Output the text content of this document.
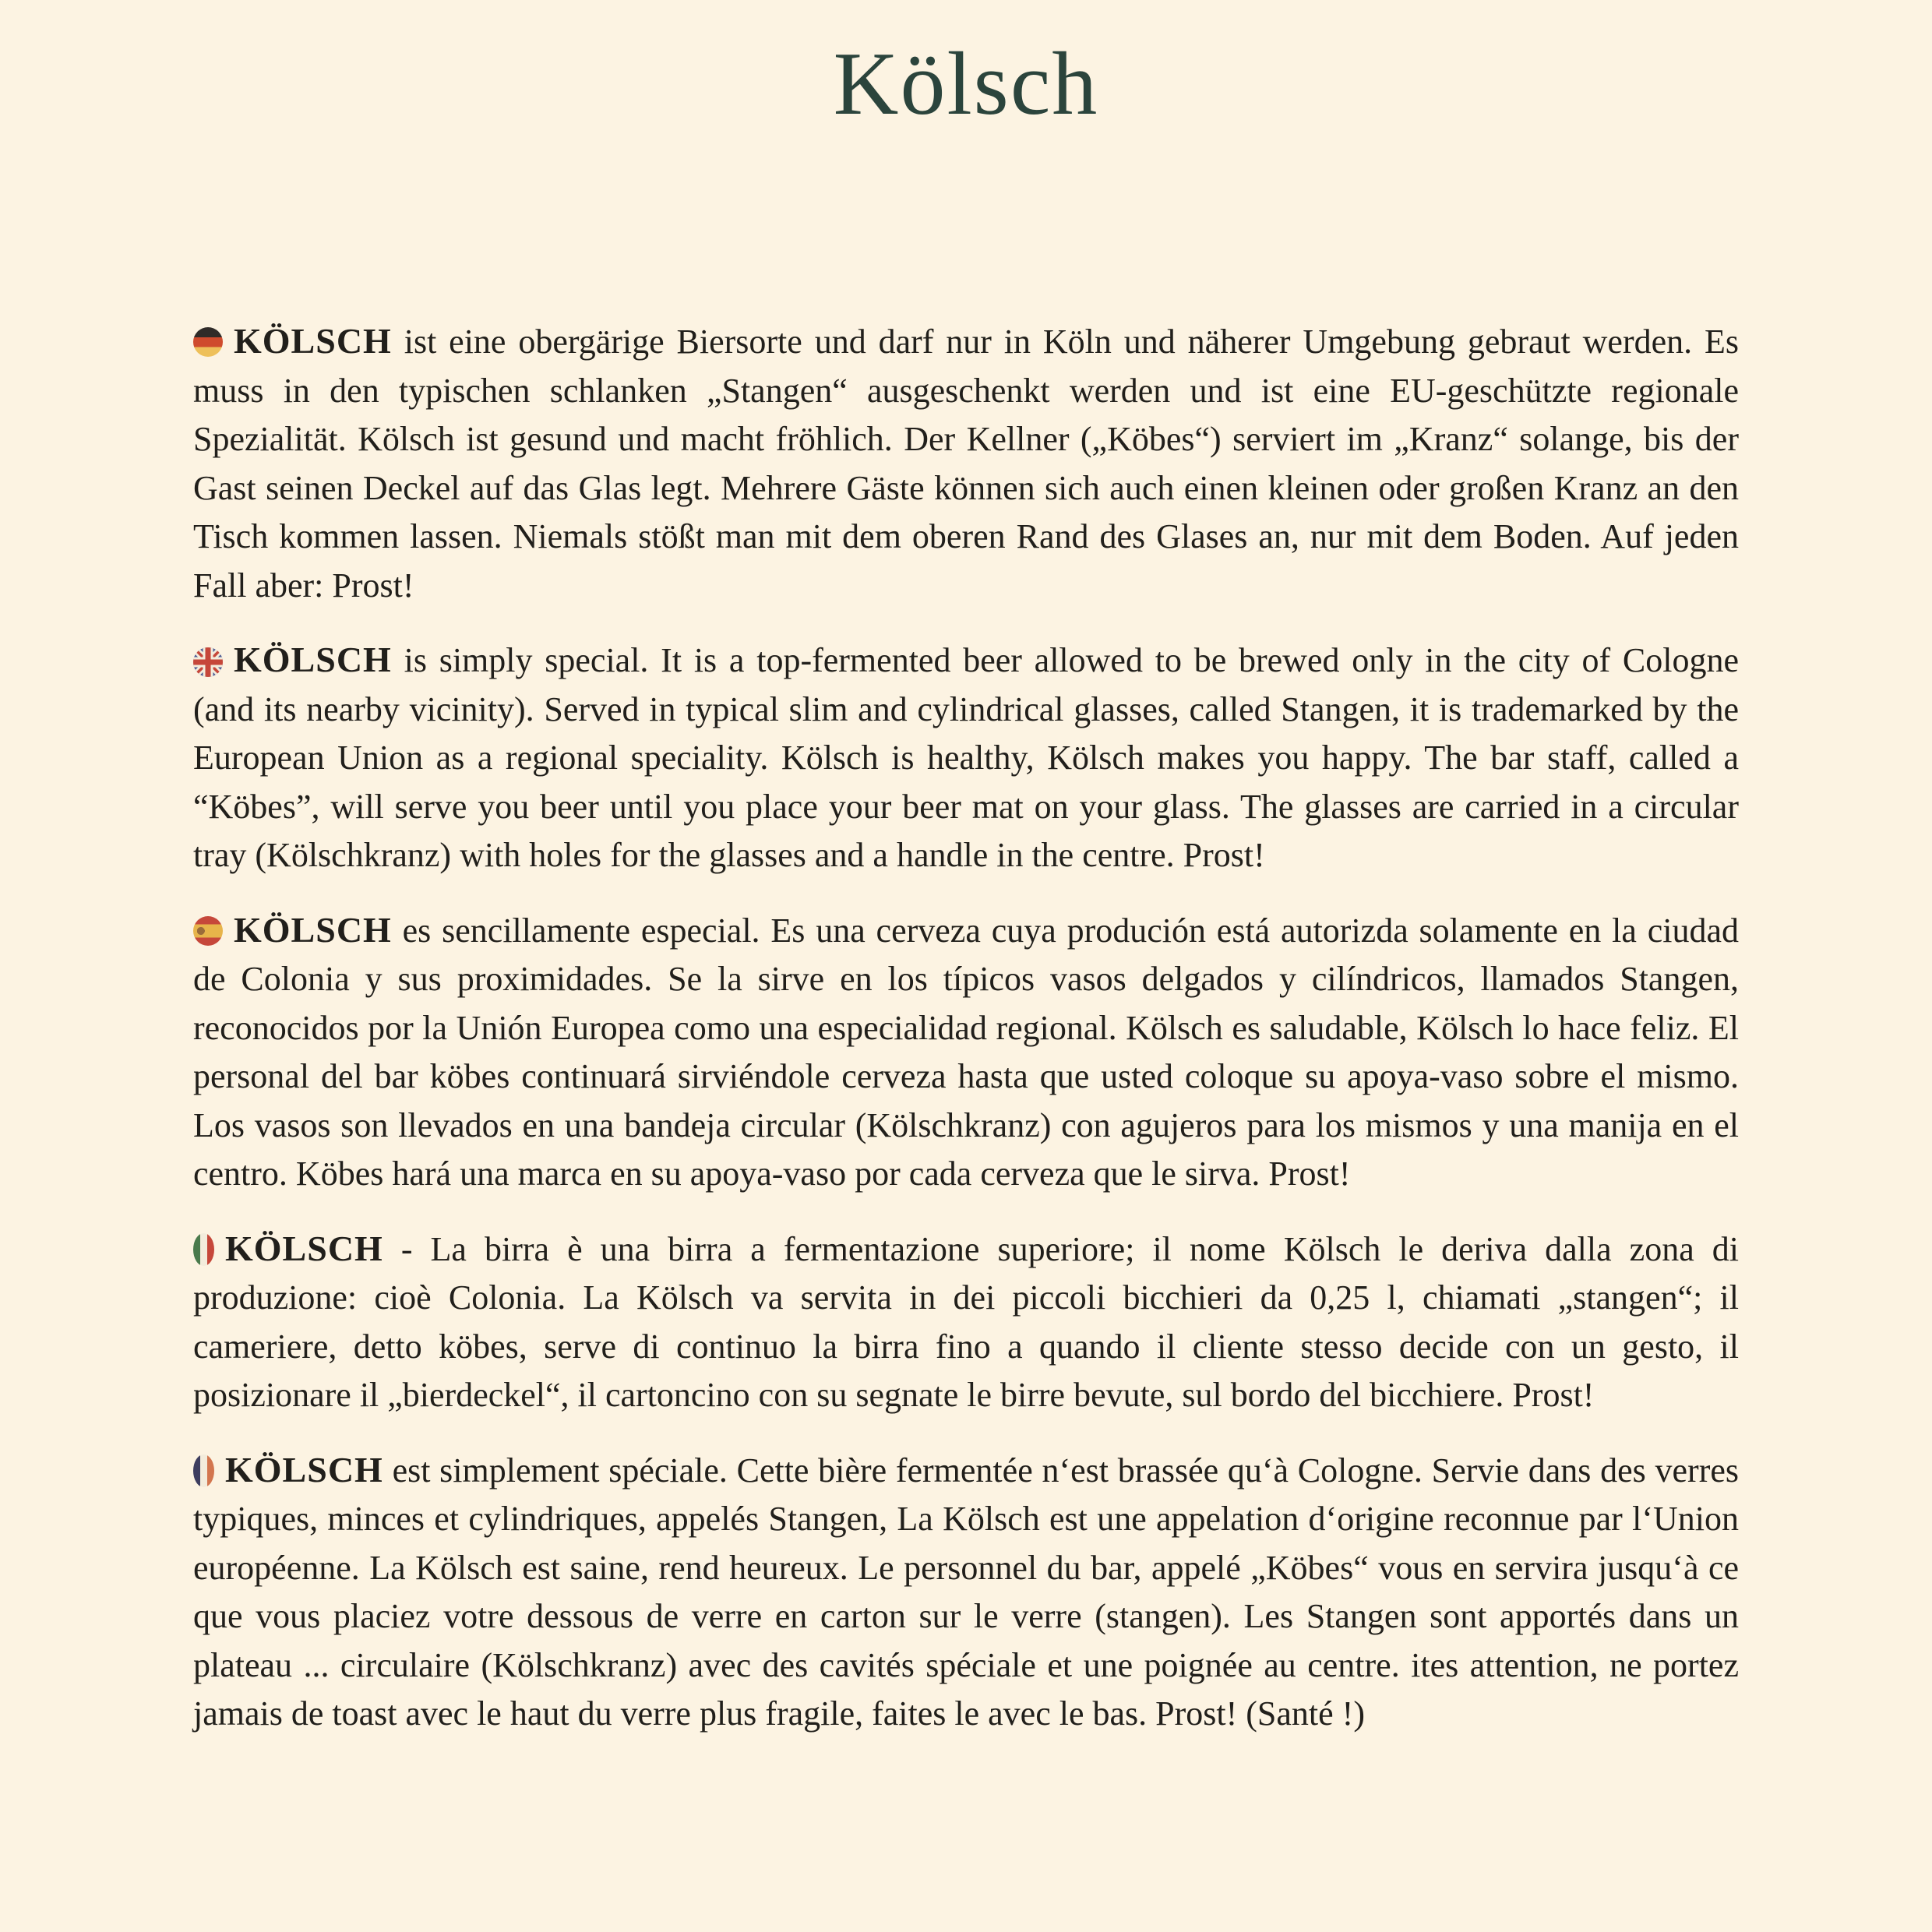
Kölsch

KÖLSCH ist eine obergärige Biersorte und darf nur in Köln und näherer Umgebung gebraut werden. Es muss in den typischen schlanken „Stangen“ ausgeschenkt werden und ist eine EU-geschützte regionale Spezialität. Kölsch ist gesund und macht fröhlich. Der Kellner („Köbes“) serviert im „Kranz“ solange, bis der Gast seinen Deckel auf das Glas legt. Mehrere Gäste können sich auch einen kleinen oder großen Kranz an den Tisch kommen lassen. Niemals stößt man mit dem oberen Rand des Glases an, nur mit dem Boden. Auf jeden Fall aber: Prost!

KÖLSCH is simply special. It is a top-fermented beer allowed to be brewed only in the city of Cologne (and its nearby vicinity). Served in typical slim and cylindrical glasses, called Stangen, it is trademarked by the European Union as a regional speciality. Kölsch is healthy, Kölsch makes you happy. The bar staff, called a “Köbes”, will serve you beer until you place your beer mat on your glass. The glasses are carried in a circular tray (Kölschkranz) with holes for the glasses and a handle in the centre. Prost!

KÖLSCH es sencillamente especial. Es una cerveza cuya produción está autorizda solamente en la ciudad de Colonia y sus proximidades. Se la sirve en los típicos vasos delgados y cilíndricos, llamados Stangen, reconocidos por la Unión Europea como una especialidad regional. Kölsch es saludable, Kölsch lo hace feliz. El personal del bar köbes continuará sirviéndole cerveza hasta que usted coloque su apoya-vaso sobre el mismo. Los vasos son llevados en una bandeja circular (Kölschkranz) con agujeros para los mismos y una manija en el centro. Köbes hará una marca en su apoya-vaso por cada cerveza que le sirva. Prost!

KÖLSCH - La birra è una birra a fermentazione superiore; il nome Kölsch le deriva dalla zona di produzione: cioè Colonia. La Kölsch va servita in dei piccoli bicchieri da 0,25 l, chiamati „stangen“; il cameriere, detto köbes, serve di continuo la birra fino a quando il cliente stesso decide con un gesto, il posizionare il „bierdeckel“, il cartoncino con su segnate le birre bevute, sul bordo del bicchiere. Prost!

KÖLSCH est simplement spéciale. Cette bière fermentée n‘est brassée qu‘à Cologne. Servie dans des verres typiques, minces et cylindriques, appelés Stangen, La Kölsch est une appelation d‘origine reconnue par l‘Union européenne. La Kölsch est saine, rend heureux. Le personnel du bar, appelé „Köbes“ vous en servira jusqu‘à ce que vous placiez votre dessous de verre en carton sur le verre (stangen). Les Stangen sont apportés dans un plateau ... circulaire (Kölschkranz) avec des cavités spéciale et une poignée au centre. ites attention, ne portez jamais de toast avec le haut du verre plus fragile, faites le avec le bas. Prost! (Santé !)
